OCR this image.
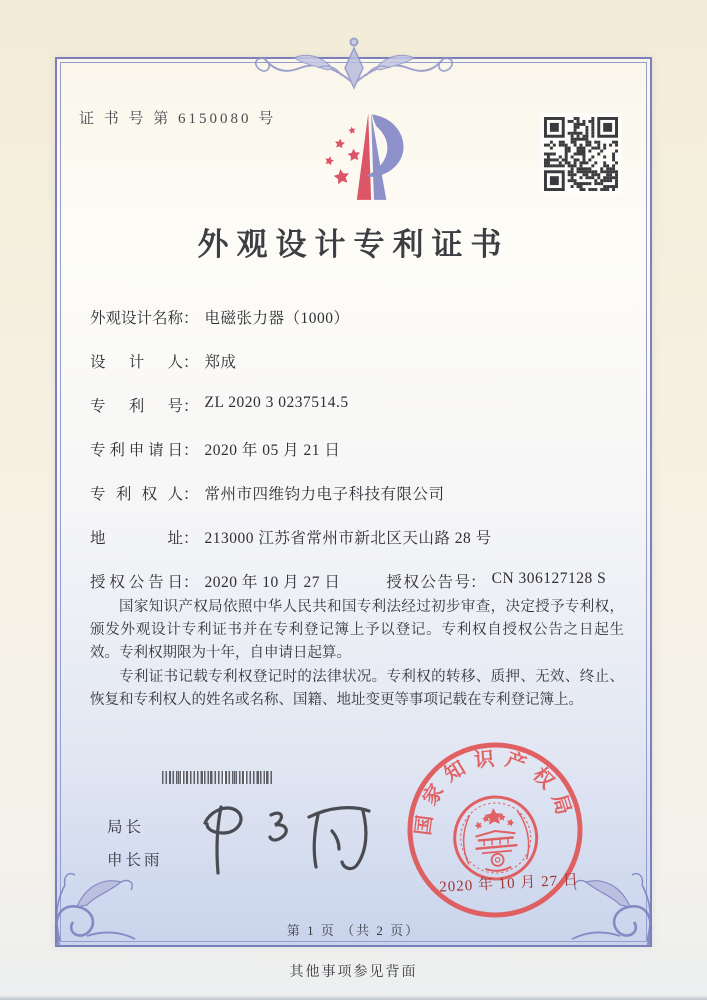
证 书 号 第 6150080 号
外观设计专利证书
外观设计名称 ： 电磁张力器（1000）
设计人 ： 郑成
专利号 ： ZL 2020 3 0237514.5
专利申请日 ： 2020 年 05 月 21 日
专利权人 ： 常州市四维钧力电子科技有限公司
地址 ： 213000 江苏省常州市新北区天山路 28 号
授权公告日 ： 2020 年 10 月 27 日	授权公告号 ： CN 306127128 S

国家知识产权局依照中华人民共和国专利法经过初步审查，决定授予专利权，颁发外观设计专利证书并在专利登记簿上予以登记。专利权自授权公告之日起生效。专利权期限为十年，自申请日起算。

专利证书记载专利权登记时的法律状况。专利权的转移、质押、无效、终止、恢复和专利权人的姓名或名称、国籍、地址变更等事项记载在专利登记簿上。

局长
申长雨
国家知识产权局
2020 年 10 月 27 日
第 1 页 （共 2 页）
其他事项参见背面
